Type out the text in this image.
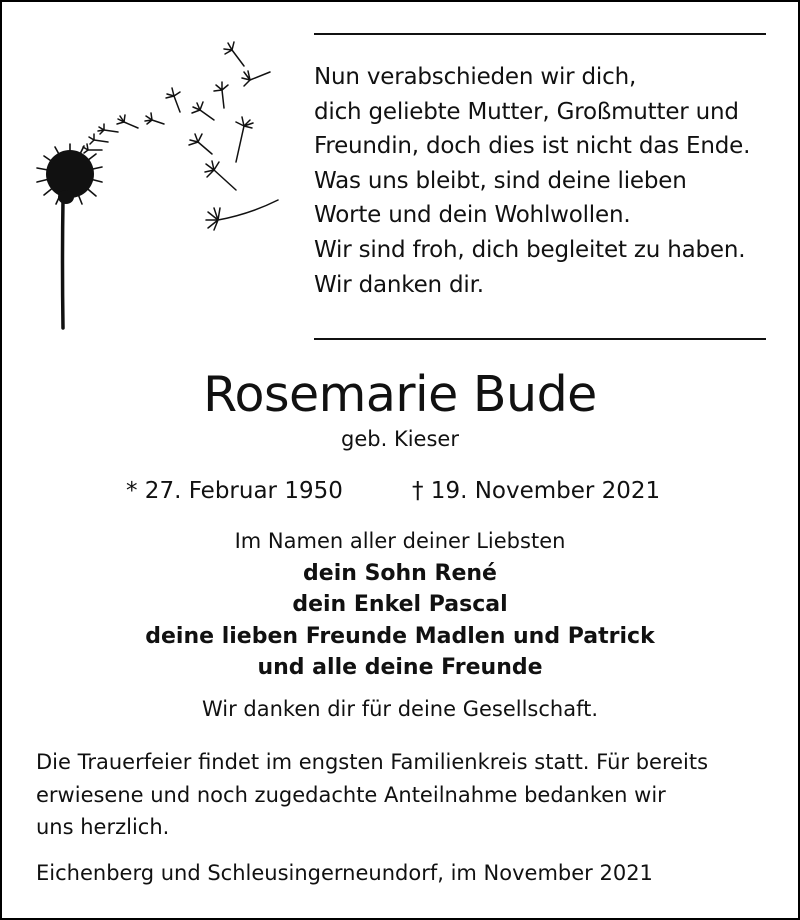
Nun verabschieden wir dich,
dich geliebte Mutter, Großmutter und
Freundin, doch dies ist nicht das Ende.
Was uns bleibt, sind deine lieben
Worte und dein Wohlwollen.
Wir sind froh, dich begleitet zu haben.
Wir danken dir.
Rosemarie Bude
geb. Kieser
* 27. Februar 1950	† 19. November 2021
Im Namen aller deiner Liebsten
dein Sohn René
dein Enkel Pascal
deine lieben Freunde Madlen und Patrick
und alle deine Freunde
Wir danken dir für deine Gesellschaft.
Die Trauerfeier findet im engsten Familienkreis statt. Für bereits
erwiesene und noch zugedachte Anteilnahme bedanken wir
uns herzlich.
Eichenberg und Schleusingerneundorf, im November 2021
